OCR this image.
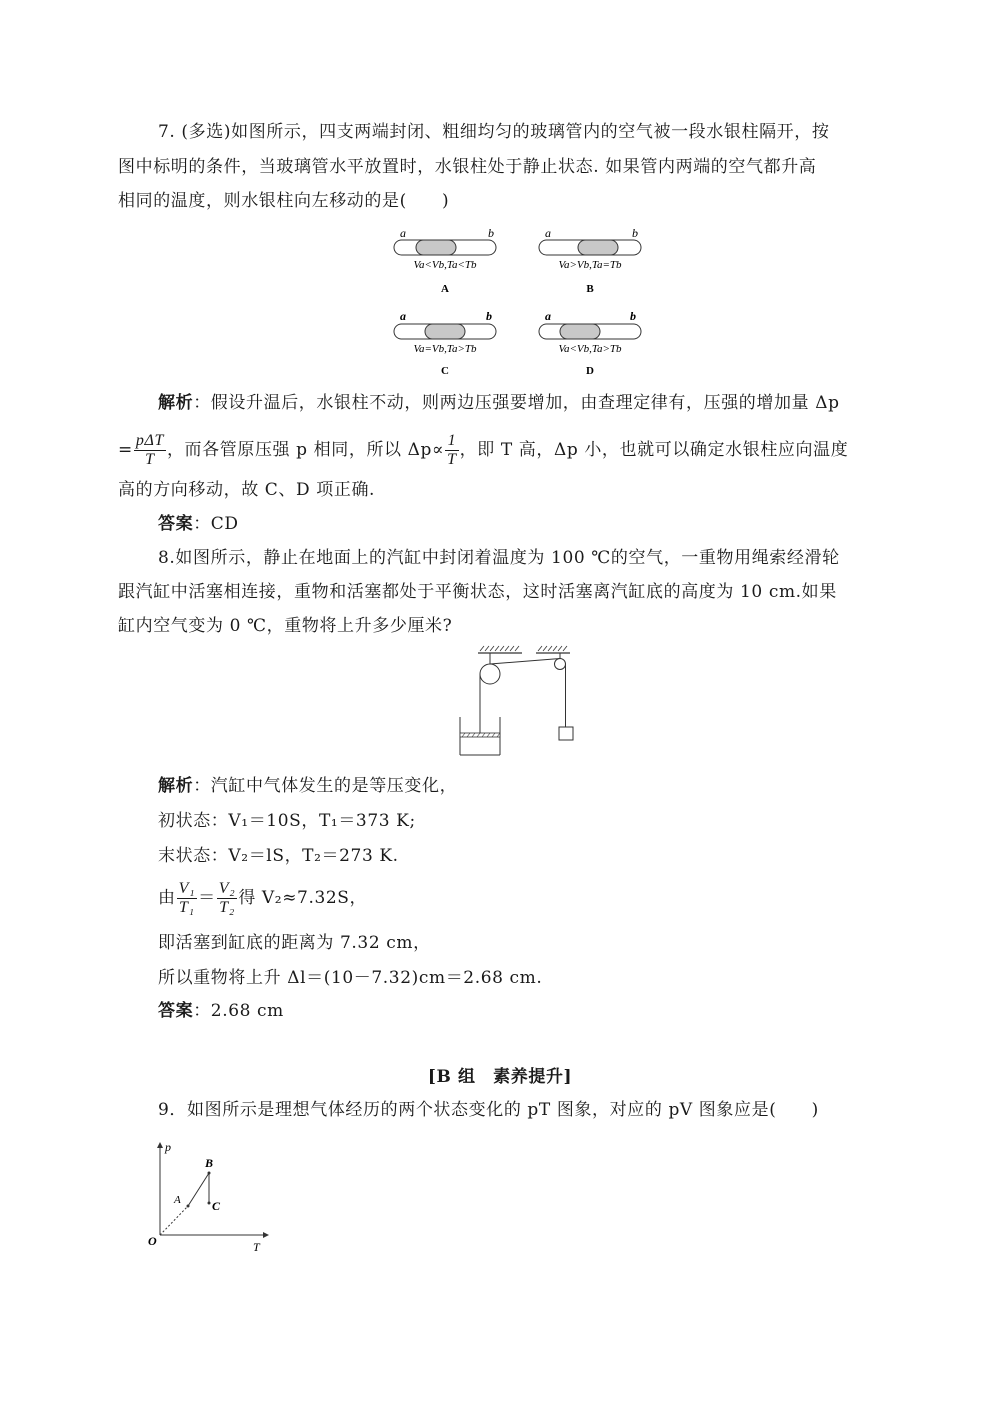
7. (多选)如图所示，四支两端封闭、粗细均匀的玻璃管内的空气被一段水银柱隔开，按
图中标明的条件，当玻璃管水平放置时，水银柱处于静止状态. 如果管内两端的空气都升高
相同的温度，则水银柱向左移动的是(　　)
a	b
Va<Vb,Ta<Tb
A
a	b
Va>Vb,Ta=Tb
B
a	b
Va=Vb,Ta>Tb
C
a	b
Va<Vb,Ta>Tb
D
解析：假设升温后，水银柱不动，则两边压强要增加，由查理定律有，压强的增加量 Δp
= $\frac{\text{pΔT}}{T}$ ，而各管原压强 p 相同，所以 $\Delta p\propto \frac{1}{T}$ ，即 T 高，Δp 小，也就可以确定水银柱应向温度
高的方向移动，故 C、D 项正确.
答案：CD
8.如图所示，静止在地面上的汽缸中封闭着温度为 100 ℃的空气，一重物用绳索经滑轮
跟汽缸中活塞相连接，重物和活塞都处于平衡状态，这时活塞离汽缸底的高度为 10 cm.如果
缸内空气变为 0 ℃，重物将上升多少厘米?
解析：汽缸中气体发生的是等压变化，
初状态：V₁＝10S，T₁＝373 K;
末状态：V₂＝lS，T₂＝273 K.
由 $\frac{\text{V₁}}{\text{T₁}} = \frac{\text{V₂}}{\text{T₂}}$ 得 V₂≈7.32S，
即活塞到缸底的距离为 7.32 cm，
所以重物将上升 Δl＝(10－7.32)cm＝2.68 cm.
答案：2.68 cm
[B 组　素养提升]
9．如图所示是理想气体经历的两个状态变化的 pT 图象，对应的 pV 图象应是(　　)
p
T
O
A
B
C
